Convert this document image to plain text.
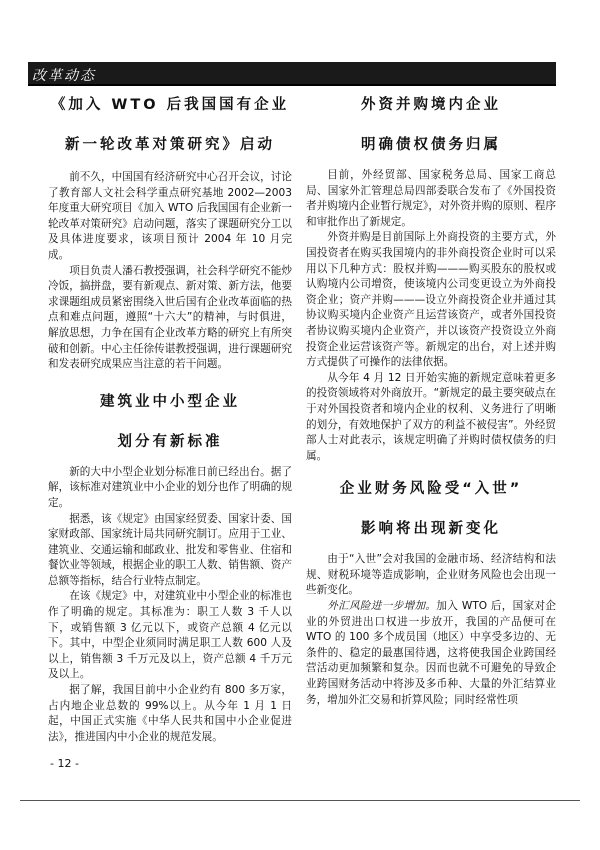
改革动态
《加入 WTO 后我国国有企业
新一轮改革对策研究》启动

前不久，中国国有经济研究中心召开会议，讨论了教育部人文社会科学重点研究基地 2002—2003 年度重大研究项目《加入 WTO 后我国国有企业新一轮改革对策研究》启动问题，落实了课题研究分工以及具体进度要求，该项目预计 2004 年 10 月完成。

项目负责人潘石教授强调，社会科学研究不能炒冷饭，搞拼盘，要有新观点、新对策、新方法，他要求课题组成员紧密围绕入世后国有企业改革面临的热点和难点问题，遵照“十六大”的精神，与时俱进，解放思想，力争在国有企业改革方略的研究上有所突破和创新。中心主任徐传谌教授强调，进行课题研究和发表研究成果应当注意的若干问题。

建筑业中小型企业
划分有新标准

新的大中小型企业划分标准日前已经出台。据了解，该标准对建筑业中小企业的划分也作了明确的规定。

据悉，该《规定》由国家经贸委、国家计委、国家财政部、国家统计局共同研究制订。应用于工业、建筑业、交通运输和邮政业、批发和零售业、住宿和餐饮业等领域，根据企业的职工人数、销售额、资产总额等指标，结合行业特点制定。

在该《规定》中，对建筑业中小型企业的标准也作了明确的规定。其标准为：职工人数 3 千人以下，或销售额 3 亿元以下，或资产总额 4 亿元以下。其中，中型企业须同时满足职工人数 600 人及以上，销售额 3 千万元及以上，资产总额 4 千万元及以上。

据了解，我国目前中小企业约有 800 多万家，占内地企业总数的 99%以上。从今年 1 月 1 日起，中国正式实施《中华人民共和国中小企业促进法》，推进国内中小企业的规范发展。

外资并购境内企业
明确债权债务归属

目前，外经贸部、国家税务总局、国家工商总局、国家外汇管理总局四部委联合发布了《外国投资者并购境内企业暂行规定》，对外资并购的原则、程序和审批作出了新规定。

外资并购是目前国际上外商投资的主要方式，外国投资者在购买我国境内的非外商投资企业时可以采用以下几种方式：股权并购———购买股东的股权或认购境内公司增资，使该境内公司变更设立为外商投资企业；资产并购———设立外商投资企业并通过其协议购买境内企业资产且运营该资产，或者外国投资者协议购买境内企业资产，并以该资产投资设立外商投资企业运营该资产等。新规定的出台，对上述并购方式提供了可操作的法律依据。

从今年 4 月 12 日开始实施的新规定意味着更多的投资领域将对外商放开。“新规定的最主要突破点在于对外国投资者和境内企业的权利、义务进行了明晰的划分，有效地保护了双方的利益不被侵害”。外经贸部人士对此表示，该规定明确了并购时债权债务的归属。

企业财务风险受“入世”
影响将出现新变化

由于“入世”会对我国的金融市场、经济结构和法规、财税环境等造成影响，企业财务风险也会出现一些新变化。

外汇风险进一步增加。加入 WTO 后，国家对企业的外贸进出口权进一步放开，我国的产品便可在 WTO 的 100 多个成员国（地区）中享受多边的、无条件的、稳定的最惠国待遇，这将使我国企业跨国经营活动更加频繁和复杂。因而也就不可避免的导致企业跨国财务活动中将涉及多币种、大量的外汇结算业务，增加外汇交易和折算风险；同时经常性项
- 12 -
